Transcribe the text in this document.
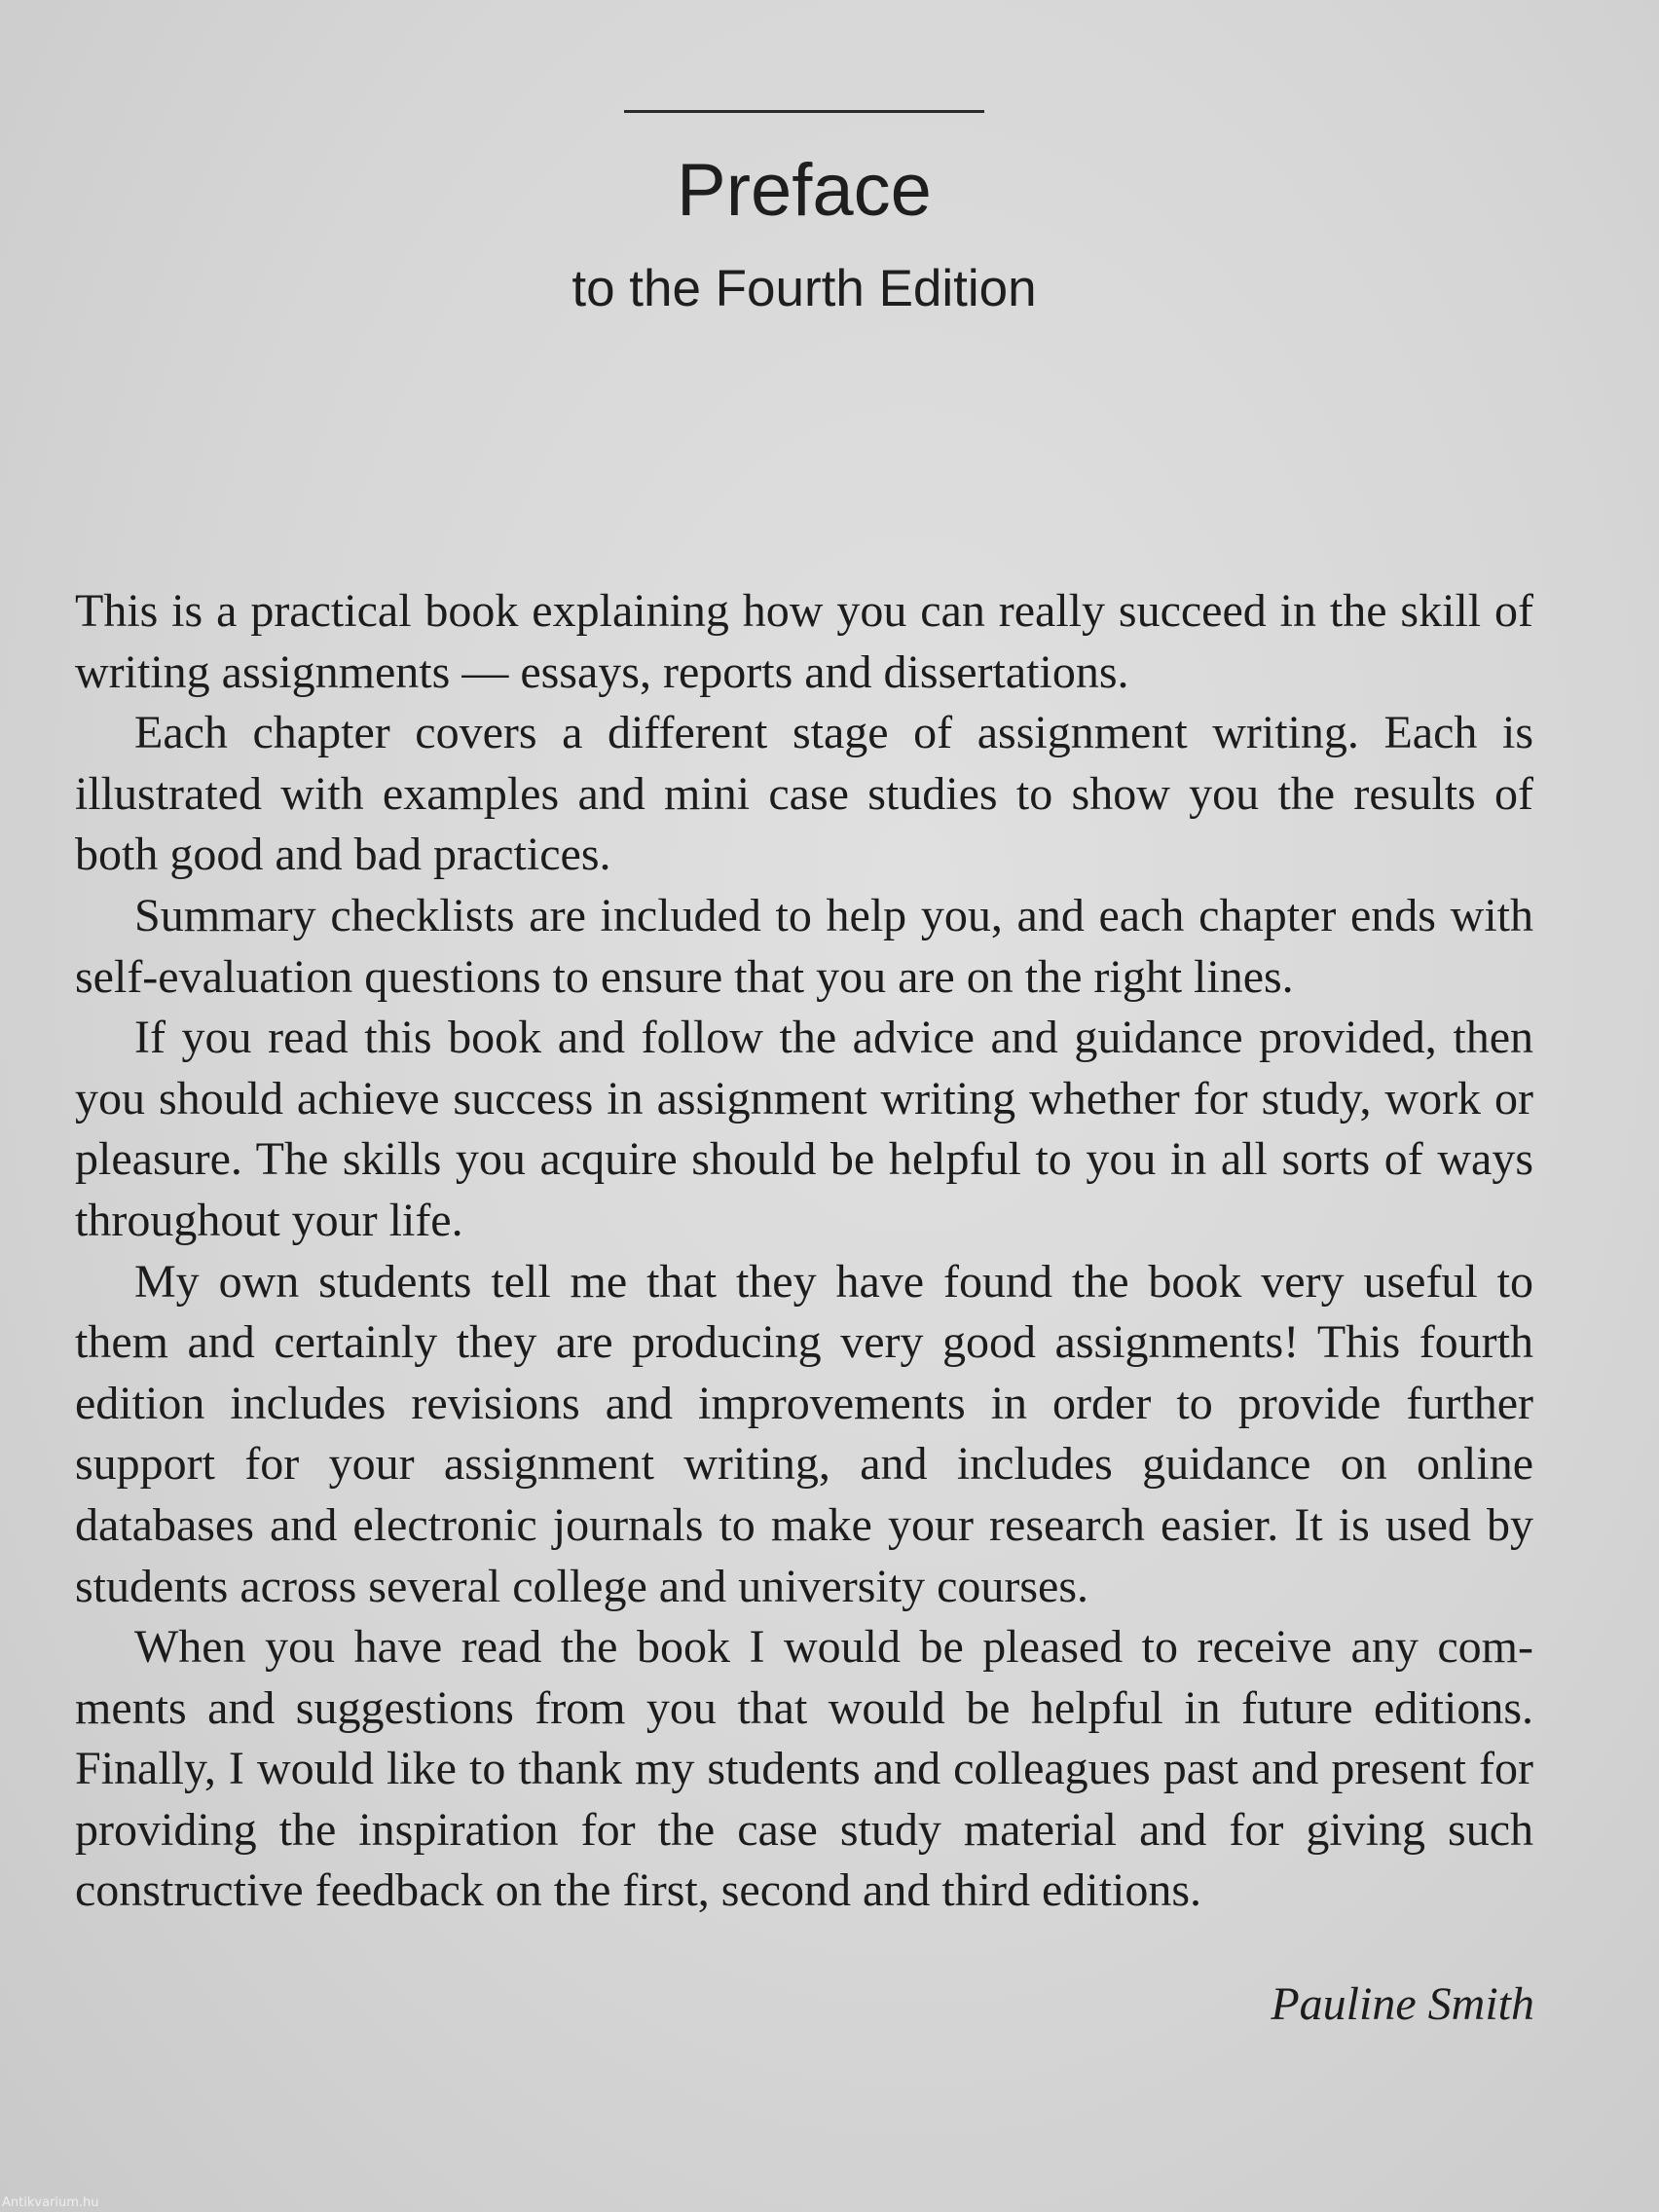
Preface
to the Fourth Edition

This is a practical book explaining how you can really succeed in the skill of writing assignments — essays, reports and dissertations.

Each chapter covers a different stage of assignment writing. Each is illustrated with examples and mini case studies to show you the results of both good and bad practices.

Summary checklists are included to help you, and each chapter ends with self-evaluation questions to ensure that you are on the right lines.

If you read this book and follow the advice and guidance provided, then you should achieve success in assignment writing whether for study, work or pleasure. The skills you acquire should be helpful to you in all sorts of ways throughout your life.

My own students tell me that they have found the book very useful to them and certainly they are producing very good assignments! This fourth edition includes revisions and improvements in order to provide further support for your assignment writing, and includes guidance on online databases and electronic journals to make your research easier. It is used by students across several college and university courses.

When you have read the book I would be pleased to receive any comments and suggestions from you that would be helpful in future editions. Finally, I would like to thank my students and colleagues past and present for providing the inspiration for the case study material and for giving such constructive feedback on the first, second and third editions.

Pauline Smith
Antikvarium.hu
